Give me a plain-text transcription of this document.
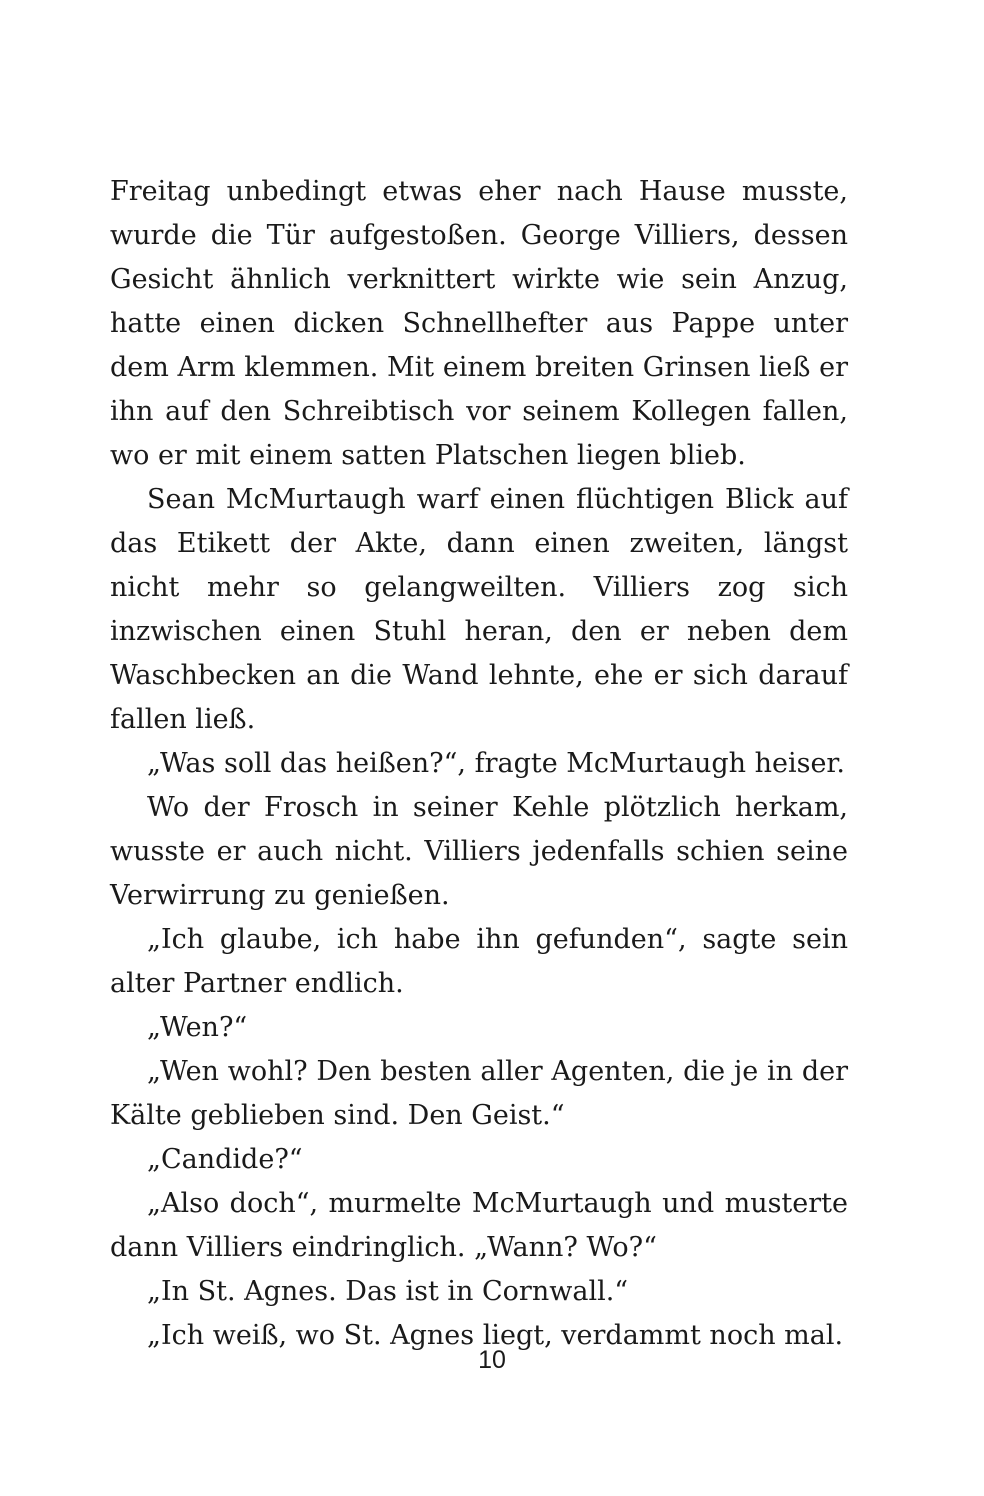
Freitag unbedingt etwas eher nach Hause musste, wurde die Tür aufgestoßen. George Villiers, dessen Gesicht ähnlich verknittert wirkte wie sein Anzug, hatte einen dicken Schnellhefter aus Pappe unter dem Arm klemmen. Mit einem breiten Grinsen ließ er ihn auf den Schreibtisch vor seinem Kollegen fallen, wo er mit einem satten Platschen liegen blieb.

Sean McMurtaugh warf einen flüchtigen Blick auf das Etikett der Akte, dann einen zweiten, längst nicht mehr so gelangweilten. Villiers zog sich inzwischen einen Stuhl heran, den er neben dem Waschbecken an die Wand lehnte, ehe er sich darauf fallen ließ.

„Was soll das heißen?“, fragte McMurtaugh heiser.

Wo der Frosch in seiner Kehle plötzlich herkam, wusste er auch nicht. Villiers jedenfalls schien seine Verwirrung zu genießen.

„Ich glaube, ich habe ihn gefunden“, sagte sein alter Partner endlich.

„Wen?“

„Wen wohl? Den besten aller Agenten, die je in der Kälte geblieben sind. Den Geist.“

„Candide?“

„Also doch“, murmelte McMurtaugh und musterte dann Villiers eindringlich. „Wann? Wo?“

„In St. Agnes. Das ist in Cornwall.“

„Ich weiß, wo St. Agnes liegt, verdammt noch mal.

10
